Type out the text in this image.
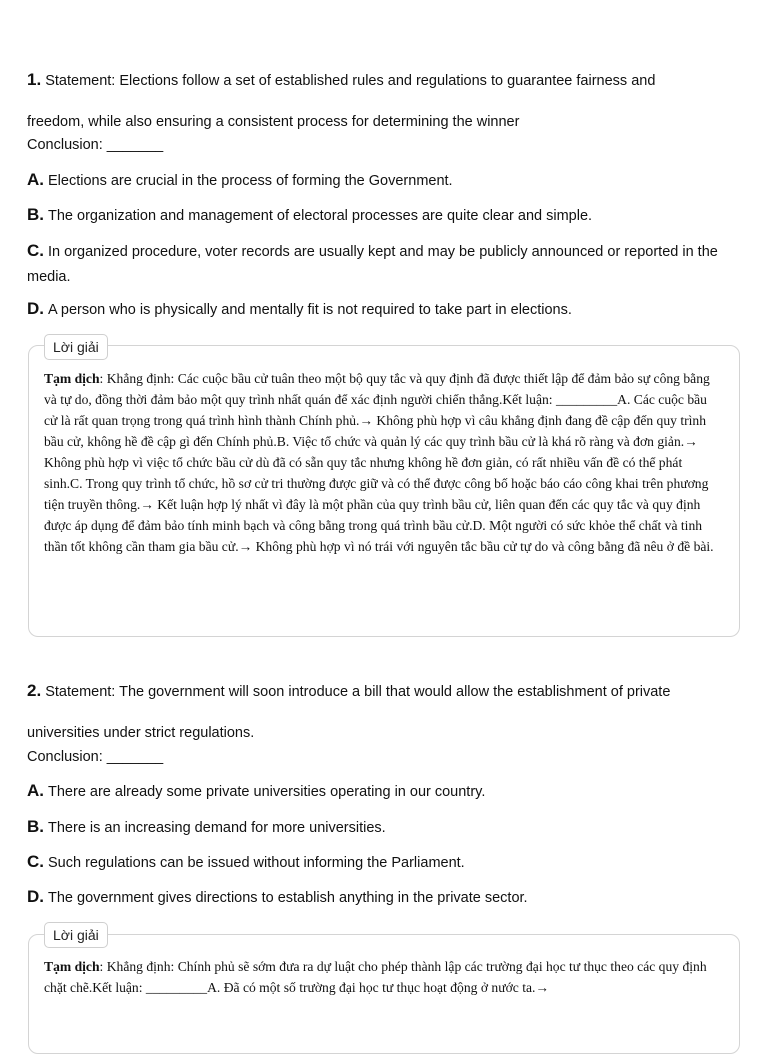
1. Statement: Elections follow a set of established rules and regulations to guarantee fairness and
freedom, while also ensuring a consistent process for determining the winner
Conclusion: _______
A. Elections are crucial in the process of forming the Government.
B. The organization and management of electoral processes are quite clear and simple.
C. In organized procedure, voter records are usually kept and may be publicly announced or reported in the media.
D. A person who is physically and mentally fit is not required to take part in elections.
Lời giải
Tạm dịch: Khẳng định: Các cuộc bầu cử tuân theo một bộ quy tắc và quy định đã được thiết lập để đảm bảo sự công bằng và tự do, đồng thời đảm bảo một quy trình nhất quán để xác định người chiến thắng.Kết luận: _________A. Các cuộc bầu cử là rất quan trọng trong quá trình hình thành Chính phủ.→ Không phù hợp vì câu khẳng định đang đề cập đến quy trình bầu cử, không hề đề cập gì đến Chính phủ.B. Việc tổ chức và quản lý các quy trình bầu cử là khá rõ ràng và đơn giản.→ Không phù hợp vì việc tổ chức bầu cử dù đã có sẵn quy tắc nhưng không hề đơn giản, có rất nhiều vấn đề có thể phát sinh.C. Trong quy trình tổ chức, hồ sơ cử tri thường được giữ và có thể được công bố hoặc báo cáo công khai trên phương tiện truyền thông.→ Kết luận hợp lý nhất vì đây là một phần của quy trình bầu cử, liên quan đến các quy tắc và quy định được áp dụng để đảm bảo tính minh bạch và công bằng trong quá trình bầu cử.D. Một người có sức khỏe thể chất và tinh thần tốt không cần tham gia bầu cử.→ Không phù hợp vì nó trái với nguyên tắc bầu cử tự do và công bằng đã nêu ở đề bài.
2. Statement: The government will soon introduce a bill that would allow the establishment of private
universities under strict regulations.
Conclusion: _______
A. There are already some private universities operating in our country.
B. There is an increasing demand for more universities.
C. Such regulations can be issued without informing the Parliament.
D. The government gives directions to establish anything in the private sector.
Lời giải
Tạm dịch: Khẳng định: Chính phủ sẽ sớm đưa ra dự luật cho phép thành lập các trường đại học tư thục theo các quy định chặt chẽ.Kết luận: _________A. Đã có một số trường đại học tư thục hoạt động ở nước ta.→
